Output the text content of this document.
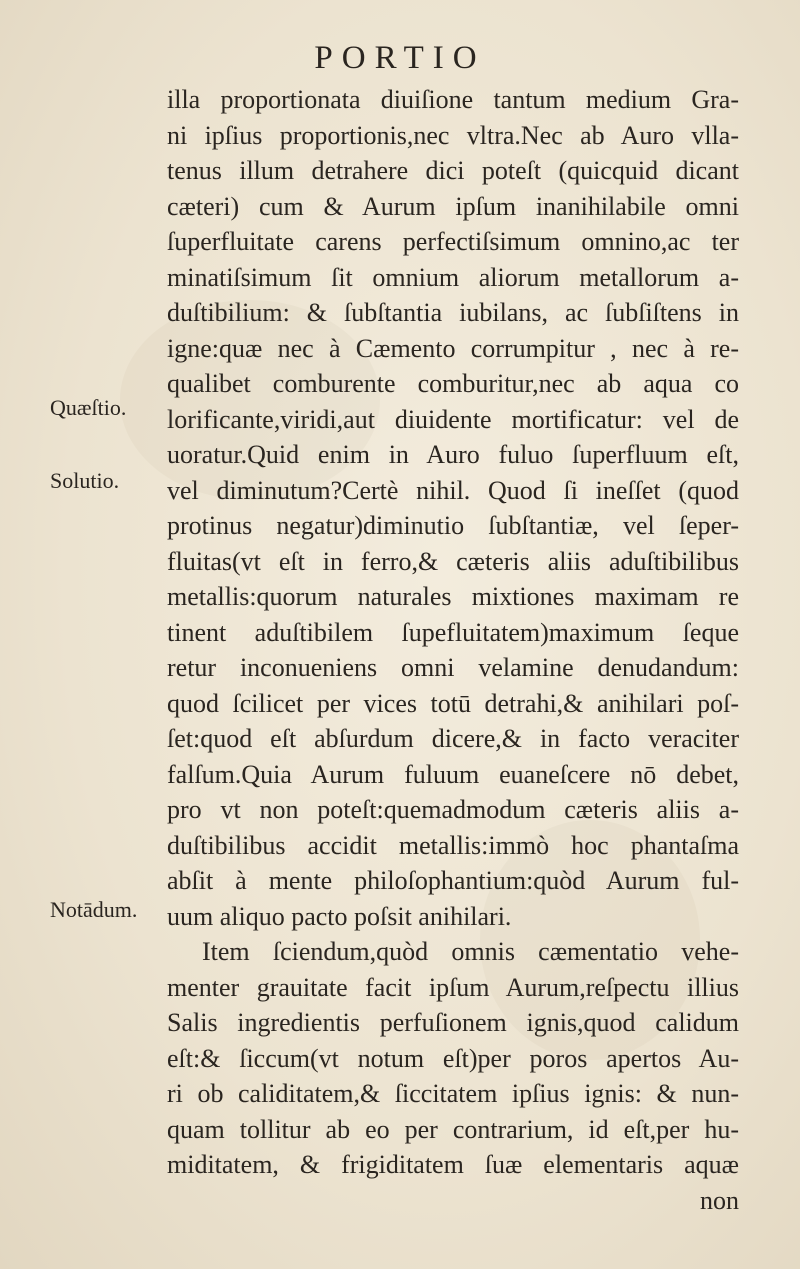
PORTIO
Quæſtio.
Solutio.
Notādum.
illa proportionata diuiſione tantum medium Gra-
ni ipſius proportionis,nec vltra.Nec ab Auro vlla-
tenus illum detrahere dici poteſt (quicquid dicant
cæteri) cum & Aurum ipſum inanihilabile omni
ſuperfluitate carens perfectiſsimum omnino,ac ter
minatiſsimum ſit omnium aliorum metallorum a-
duſtibilium: & ſubſtantia iubilans, ac ſubſiſtens in
igne:quæ nec à Cæmento corrumpitur , nec à re-
qualibet comburente comburitur,nec ab aqua co
lorificante,viridi,aut diuidente mortificatur: vel de
uoratur.Quid enim in Auro fuluo ſuperfluum eſt,
vel diminutum?Certè nihil. Quod ſi ineſſet (quod
protinus negatur)diminutio ſubſtantiæ, vel ſeper-
fluitas(vt eſt in ferro,& cæteris aliis aduſtibilibus
metallis:quorum naturales mixtiones maximam re
tinent aduſtibilem ſupefluitatem)maximum ſeque
retur inconueniens omni velamine denudandum:
quod ſcilicet per vices totū detrahi,& anihilari poſ-
ſet:quod eſt abſurdum dicere,& in facto veraciter
falſum.Quia Aurum fuluum euaneſcere nō debet,
pro vt non poteſt:quemadmodum cæteris aliis a-
duſtibilibus accidit metallis:immò hoc phantaſma
abſit à mente philoſophantium:quòd Aurum ful-
uum aliquo pacto poſsit anihilari.
Item ſciendum,quòd omnis cæmentatio vehe-
menter grauitate facit ipſum Aurum,reſpectu illius
Salis ingredientis perfuſionem ignis,quod calidum
eſt:& ſiccum(vt notum eſt)per poros apertos Au-
ri ob caliditatem,& ſiccitatem ipſius ignis: & nun-
quam tollitur ab eo per contrarium, id eſt,per hu-
miditatem, & frigiditatem ſuæ elementaris aquæ
non
